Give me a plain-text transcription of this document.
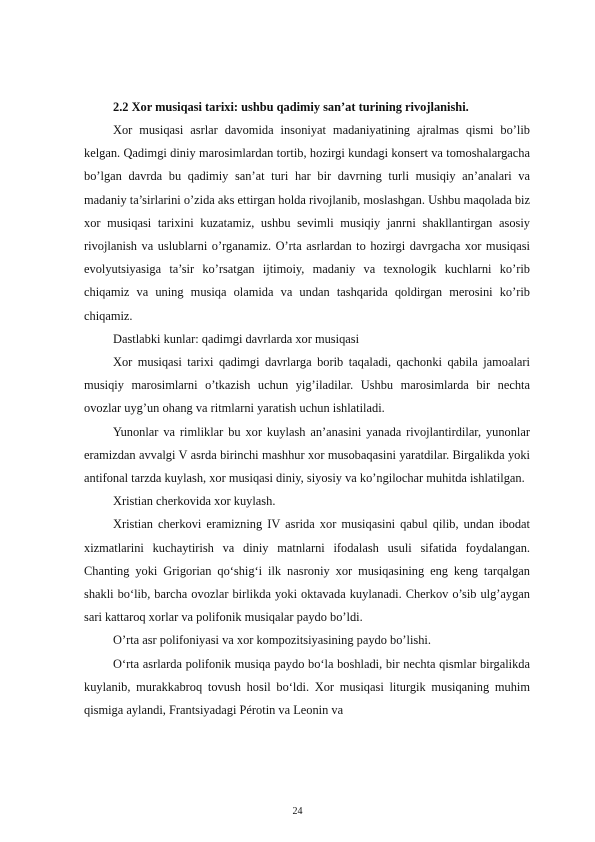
2.2 Xor musiqasi tarixi: ushbu qadimiy san’at turining rivojlanishi.

Xor musiqasi asrlar davomida insoniyat madaniyatining ajralmas qismi bo’lib kelgan. Qadimgi diniy marosimlardan tortib, hozirgi kundagi konsert va tomoshalargacha bo’lgan davrda bu qadimiy san’at turi har bir davrning turli musiqiy an’analari va madaniy ta’sirlarini o’zida aks ettirgan holda rivojlanib, moslashgan. Ushbu maqolada biz xor musiqasi tarixini kuzatamiz, ushbu sevimli musiqiy janrni shakllantirgan asosiy rivojlanish va uslublarni o’rganamiz. O’rta asrlardan to hozirgi davrgacha xor musiqasi evolyutsiyasiga ta’sir ko’rsatgan ijtimoiy, madaniy va texnologik kuchlarni ko’rib chiqamiz va uning musiqa olamida va undan tashqarida qoldirgan merosini ko’rib chiqamiz.

Dastlabki kunlar: qadimgi davrlarda xor musiqasi

Xor musiqasi tarixi qadimgi davrlarga borib taqaladi, qachonki qabila jamoalari musiqiy marosimlarni o’tkazish uchun yig’iladilar. Ushbu marosimlarda bir nechta ovozlar uyg’un ohang va ritmlarni yaratish uchun ishlatiladi.

Yunonlar va rimliklar bu xor kuylash an’anasini yanada rivojlantirdilar, yunonlar eramizdan avvalgi V asrda birinchi mashhur xor musobaqasini yaratdilar. Birgalikda yoki antifonal tarzda kuylash, xor musiqasi diniy, siyosiy va ko’ngilochar muhitda ishlatilgan.

Xristian cherkovida xor kuylash.

Xristian cherkovi eramizning IV asrida xor musiqasini qabul qilib, undan ibodat xizmatlarini kuchaytirish va diniy matnlarni ifodalash usuli sifatida foydalangan. Chanting yoki Grigorian qo‘shig‘i ilk nasroniy xor musiqasining eng keng tarqalgan shakli bo‘lib, barcha ovozlar birlikda yoki oktavada kuylanadi. Cherkov o’sib ulg’aygan sari kattaroq xorlar va polifonik musiqalar paydo bo’ldi.

O’rta asr polifoniyasi va xor kompozitsiyasining paydo bo’lishi.

O‘rta asrlarda polifonik musiqa paydo bo‘la boshladi, bir nechta qismlar birgalikda kuylanib, murakkabroq tovush hosil bo‘ldi. Xor musiqasi liturgik musiqaning muhim qismiga aylandi, Frantsiyadagi Pérotin va Leonin va

24
